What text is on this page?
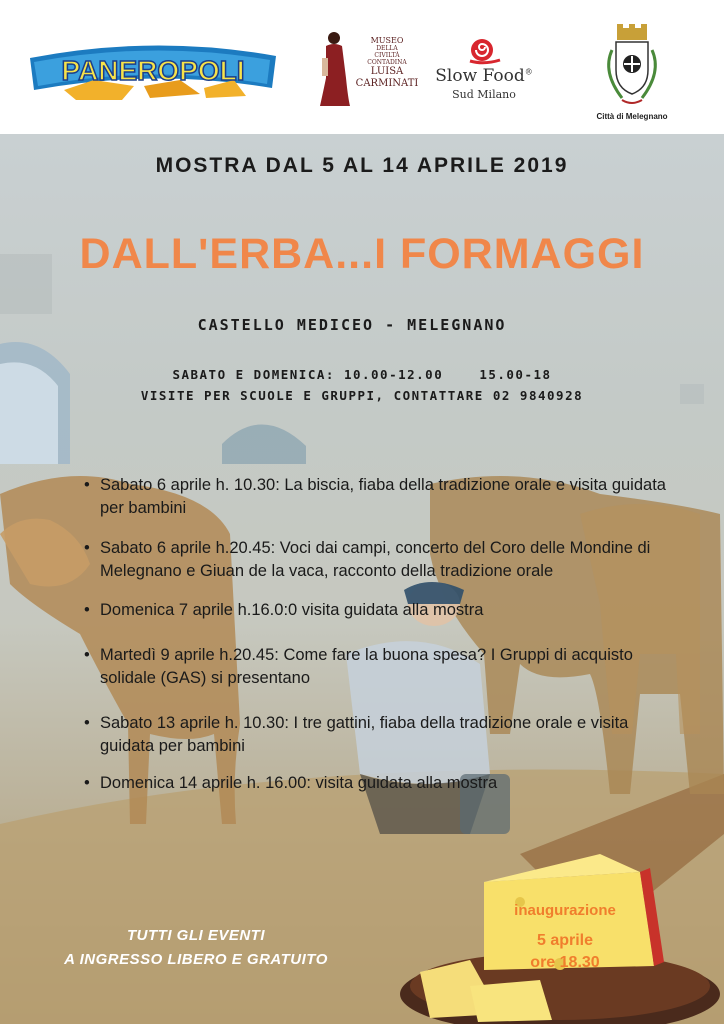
PANEROPOLI
MUSEO
DELLA
CIVILTÀ
CONTADINA
LUISA
CARMINATI Slow Food®
Sud Milano
Città di Melegnano
MOSTRA DAL 5 AL 14 APRILE 2019
DALL'ERBA...I FORMAGGI
CASTELLO MEDICEO - MELEGNANO
SABATO E DOMENICA: 10.00-12.00    15.00-18
VISITE PER SCUOLE E GRUPPI, CONTATTARE 02 9840928
• Sabato 6 aprile h. 10.30: La biscia, fiaba della tradizione orale e visita guidata per bambini
• Sabato 6 aprile h.20.45: Voci dai campi, concerto del Coro delle Mondine di Melegnano e Giuan de la vaca, racconto della tradizione orale
• Domenica 7 aprile h.16.0:0 visita guidata alla mostra
• Martedì 9 aprile h.20.45: Come fare la buona spesa? I Gruppi di acquisto solidale (GAS) si presentano
• Sabato 13 aprile h. 10.30: I tre gattini, fiaba della tradizione orale e visita guidata per bambini
• Domenica 14 aprile h. 16.00: visita guidata alla mostra
TUTTI GLI EVENTI
A INGRESSO LIBERO E GRATUITO
inaugurazione
5 aprile
ore 18.30
